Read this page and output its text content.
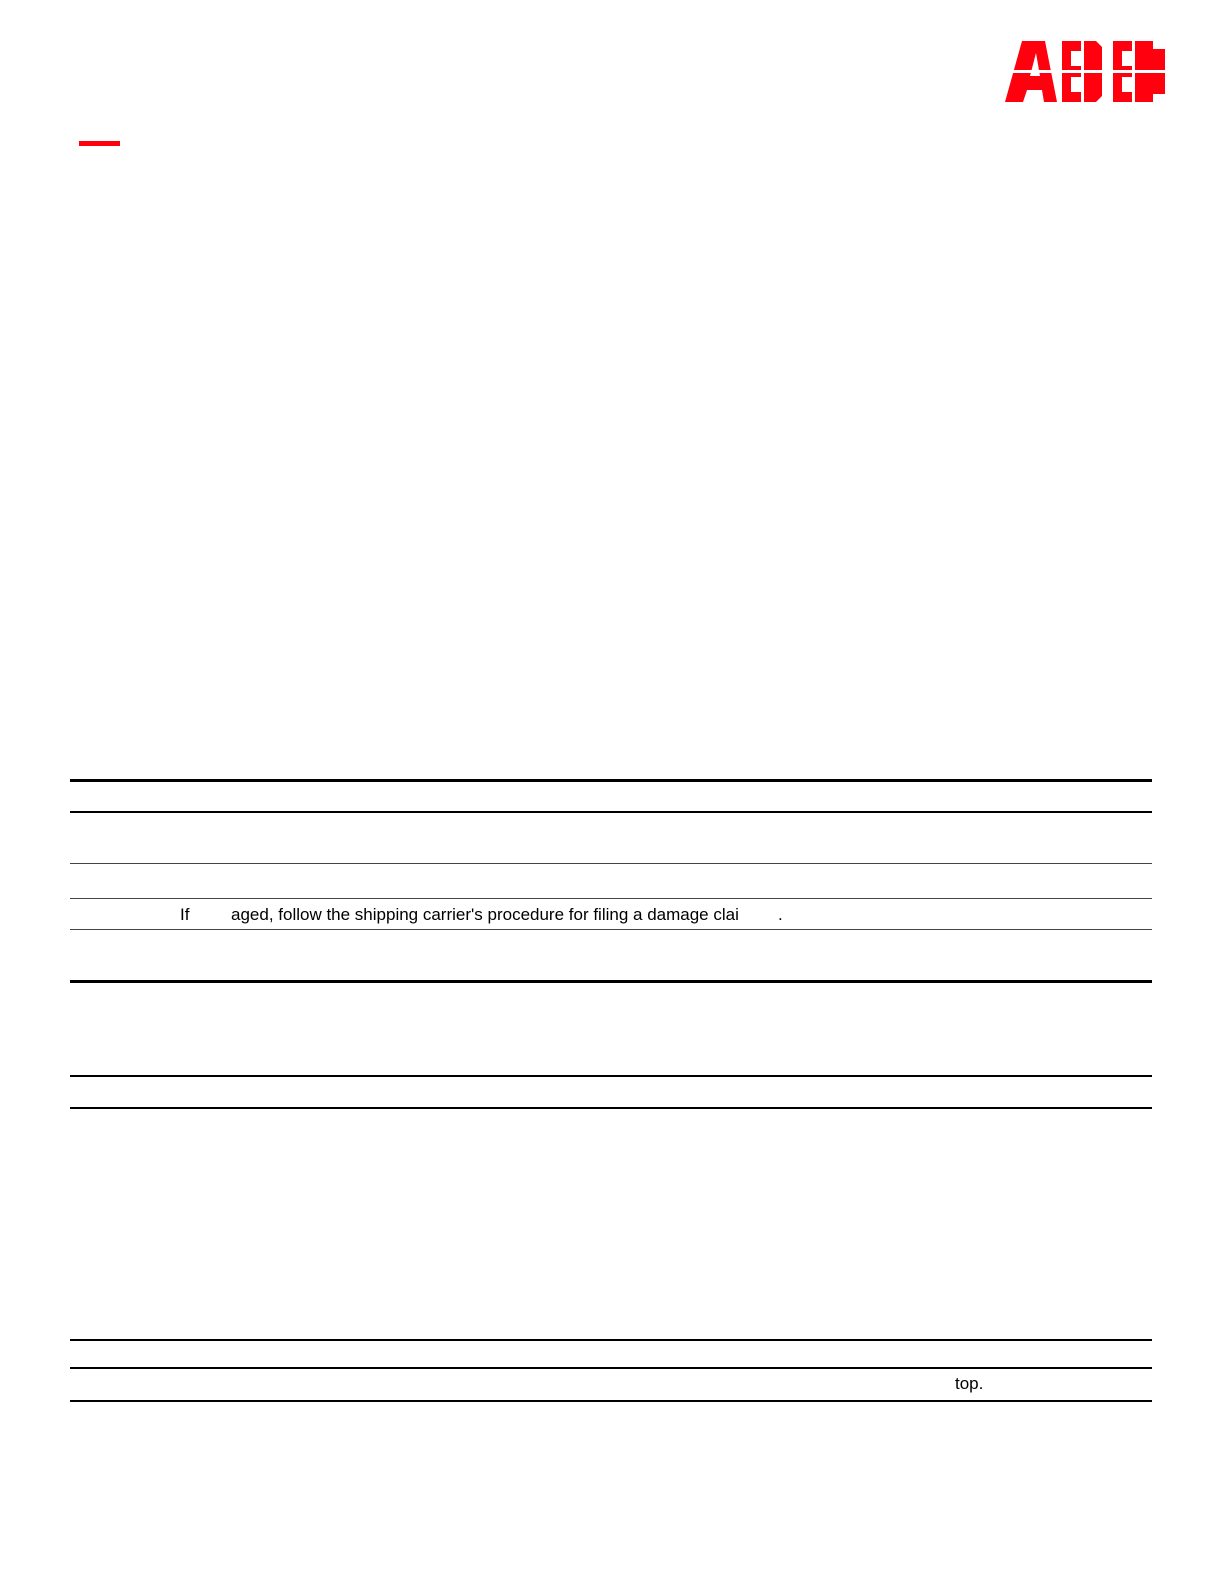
If aged, follow the shipping carrier's procedure for filing a damage clai .
top.
